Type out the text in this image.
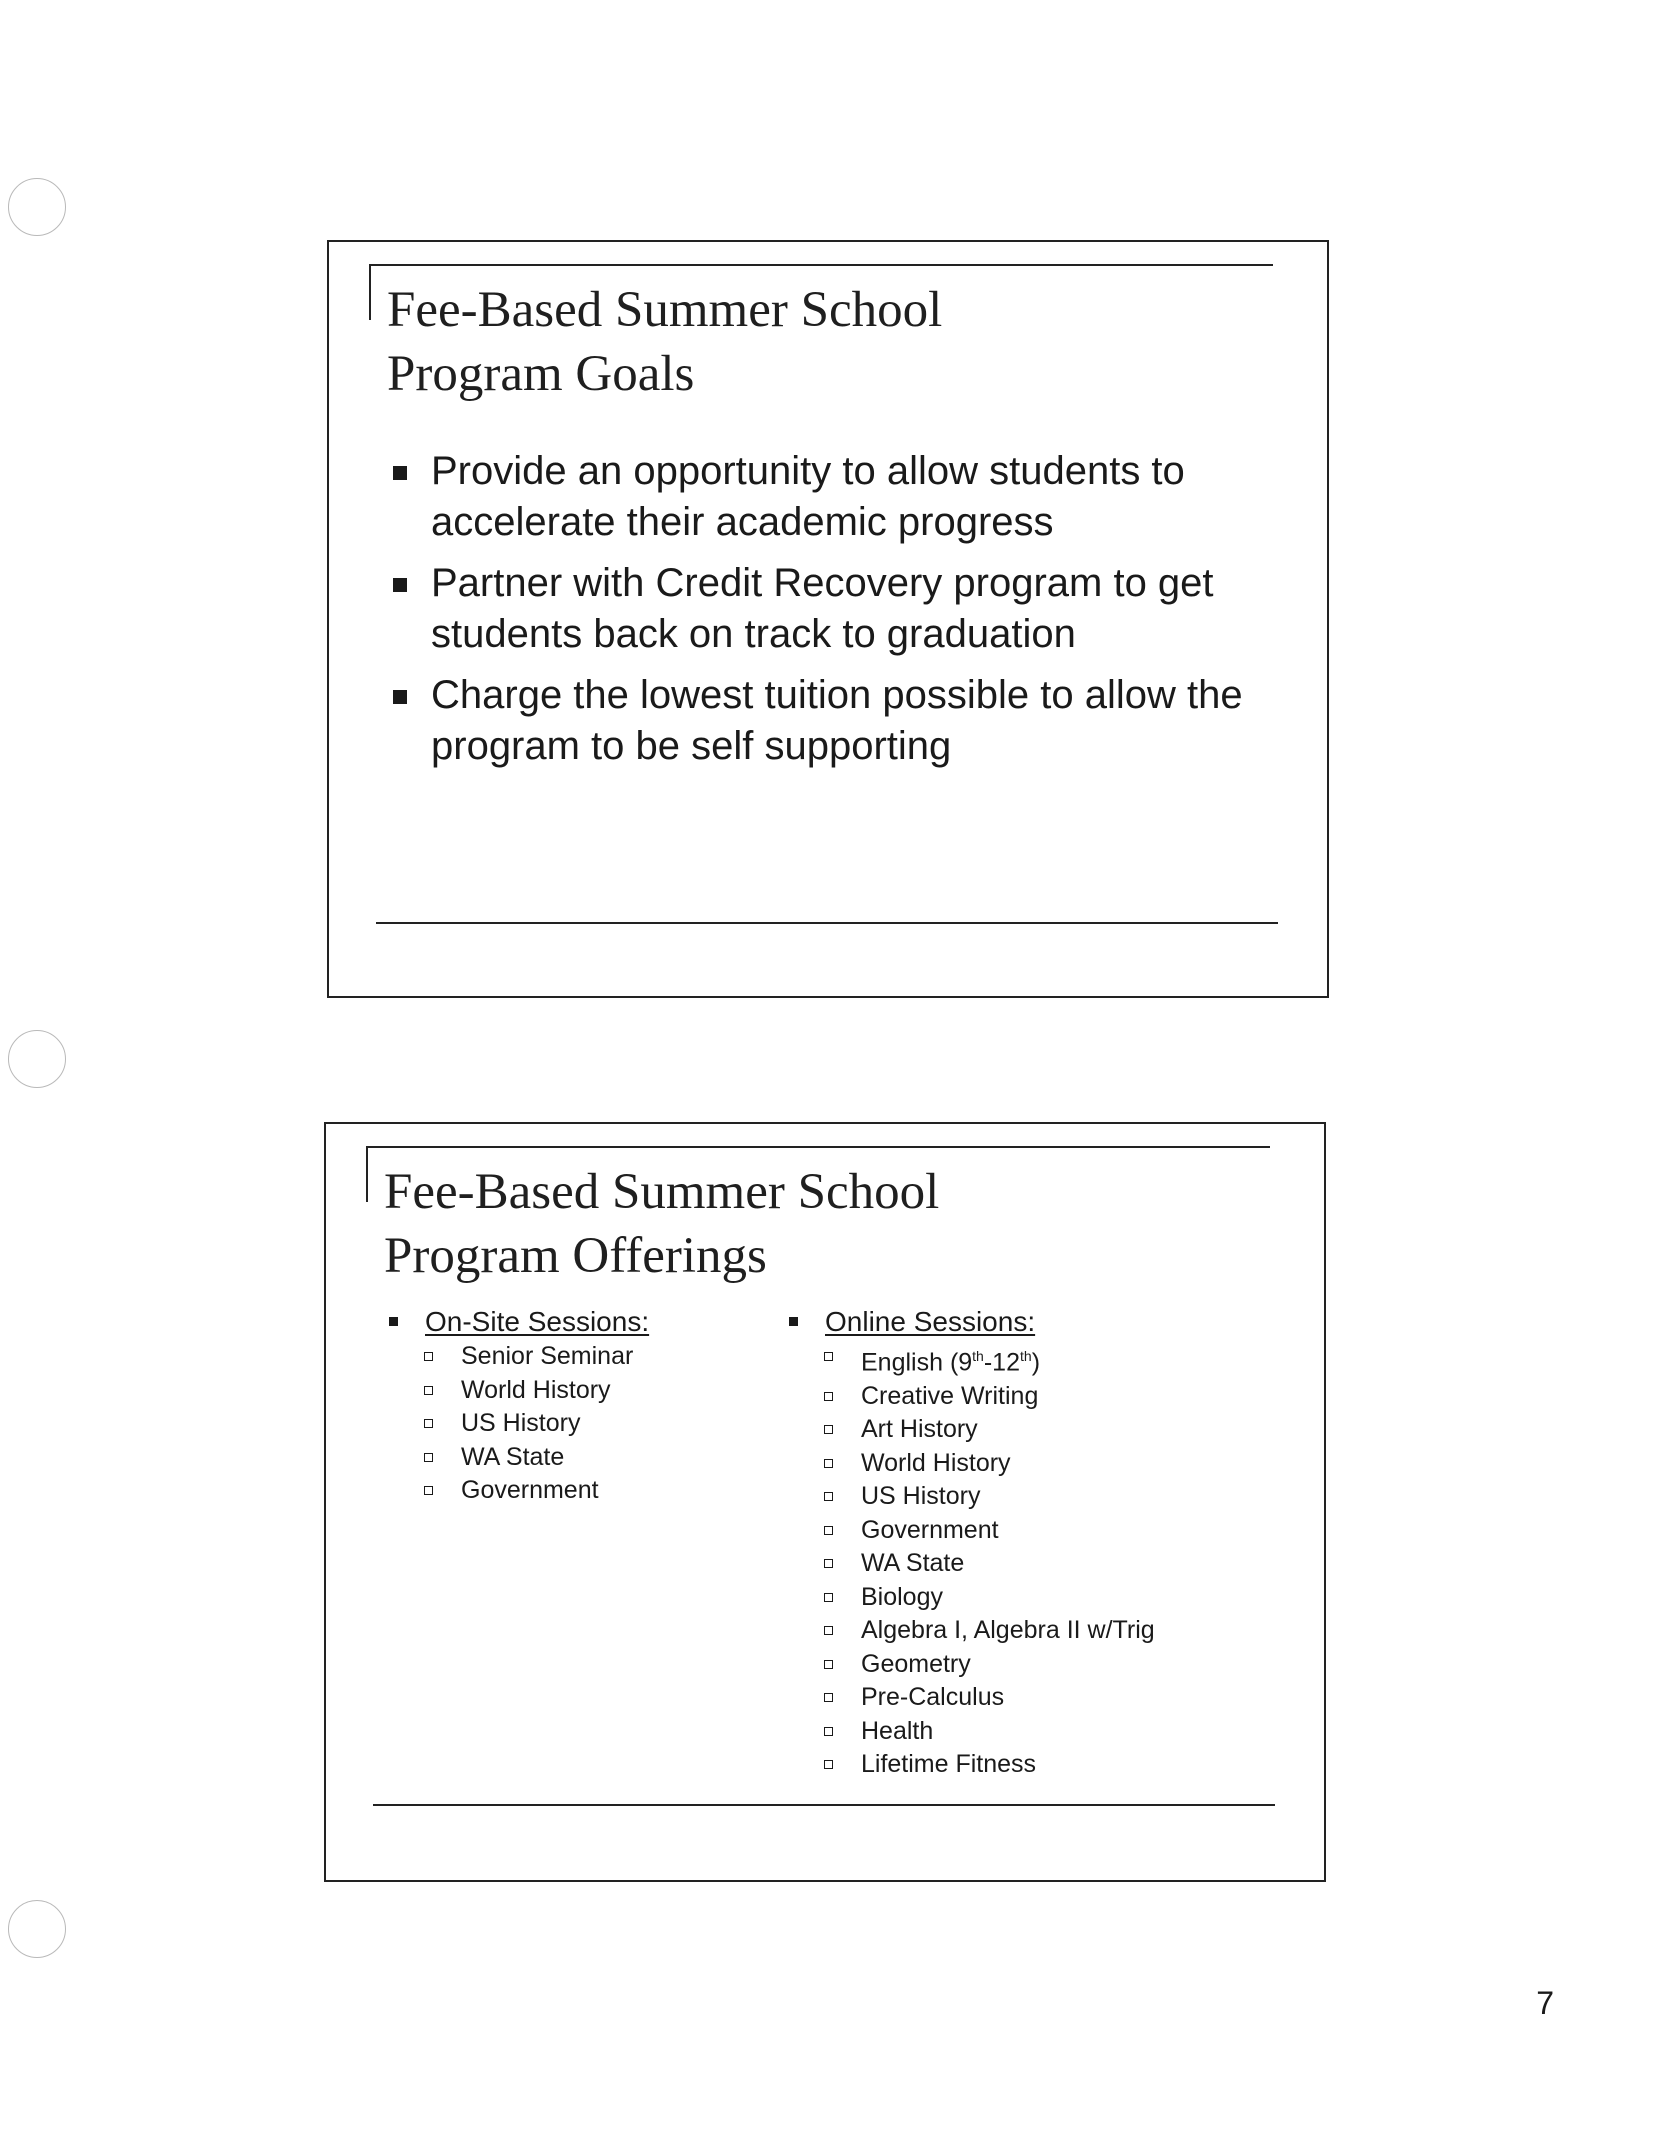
Fee-Based Summer School
Program Goals
Provide an opportunity to allow students to accelerate their academic progress
Partner with Credit Recovery program to get students back on track to graduation
Charge the lowest tuition possible to allow the program to be self supporting
Fee-Based Summer School
Program Offerings
On-Site Sessions:
Senior Seminar
World History
US History
WA State
Government
Online Sessions:
English (9th-12th)
Creative Writing
Art History
World History
US History
Government
WA State
Biology
Algebra I, Algebra II w/Trig
Geometry
Pre-Calculus
Health
Lifetime Fitness
7
